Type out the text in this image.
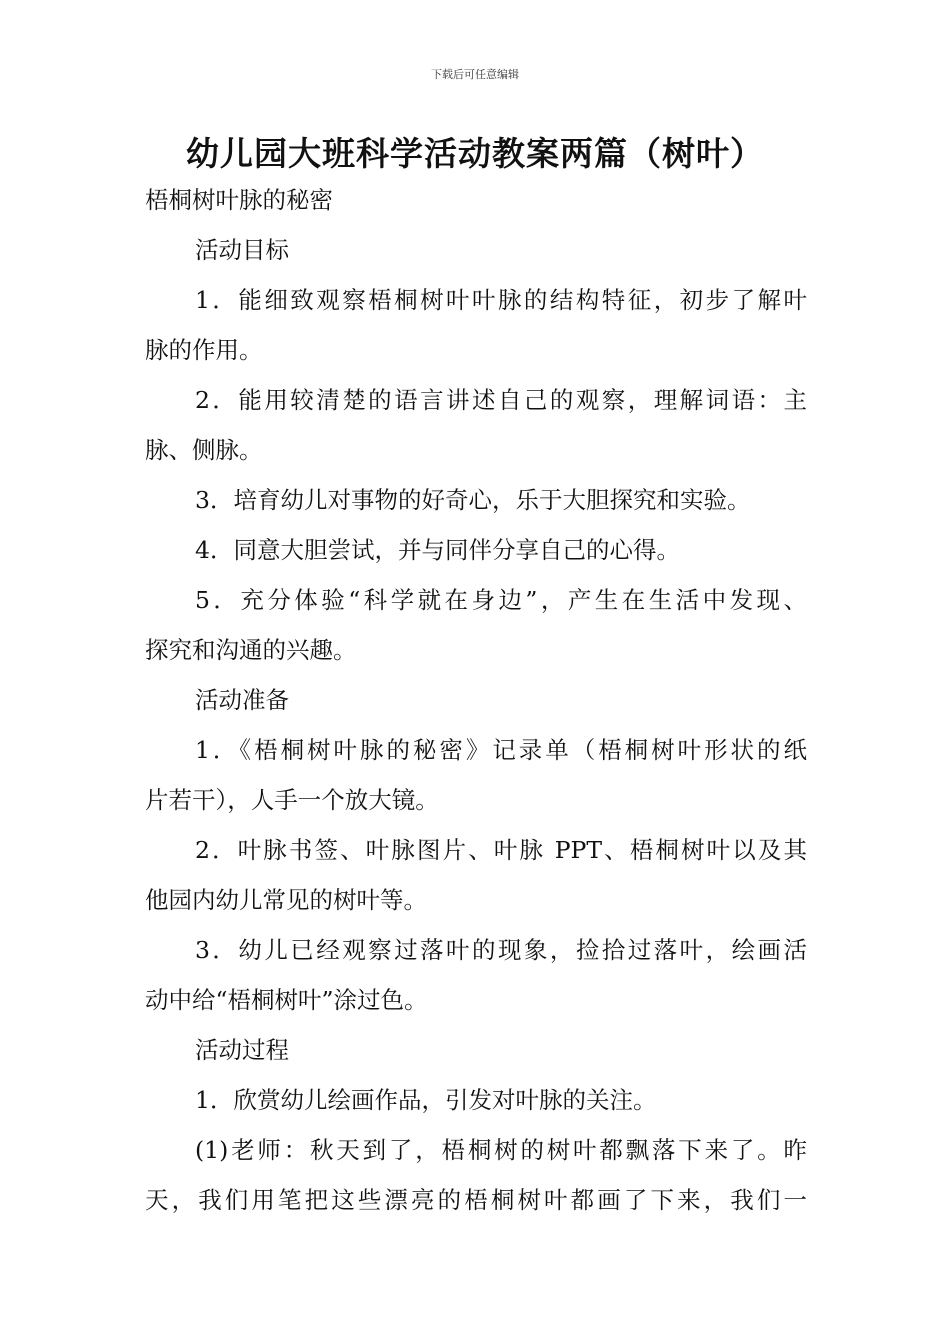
下载后可任意编辑
幼儿园大班科学活动教案两篇（树叶）
梧桐树叶脉的秘密
活动目标
1．能细致观察梧桐树叶叶脉的结构特征，初步了解叶
脉的作用。
2．能用较清楚的语言讲述自己的观察，理解词语：主
脉、侧脉。
3．培育幼儿对事物的好奇心，乐于大胆探究和实验。
4．同意大胆尝试，并与同伴分享自己的心得。
5．充分体验“科学就在身边”，产生在生活中发现、
探究和沟通的兴趣。
活动准备
1．《梧桐树叶脉的秘密》记录单（梧桐树叶形状的纸
片若干），人手一个放大镜。
2．叶脉书签、叶脉图片、叶脉 PPT、梧桐树叶以及其
他园内幼儿常见的树叶等。
3．幼儿已经观察过落叶的现象，捡拾过落叶，绘画活
动中给“梧桐树叶”涂过色。
活动过程
1．欣赏幼儿绘画作品，引发对叶脉的关注。
(1)老师：秋天到了，梧桐树的树叶都飘落下来了。昨
天，我们用笔把这些漂亮的梧桐树叶都画了下来，我们一
